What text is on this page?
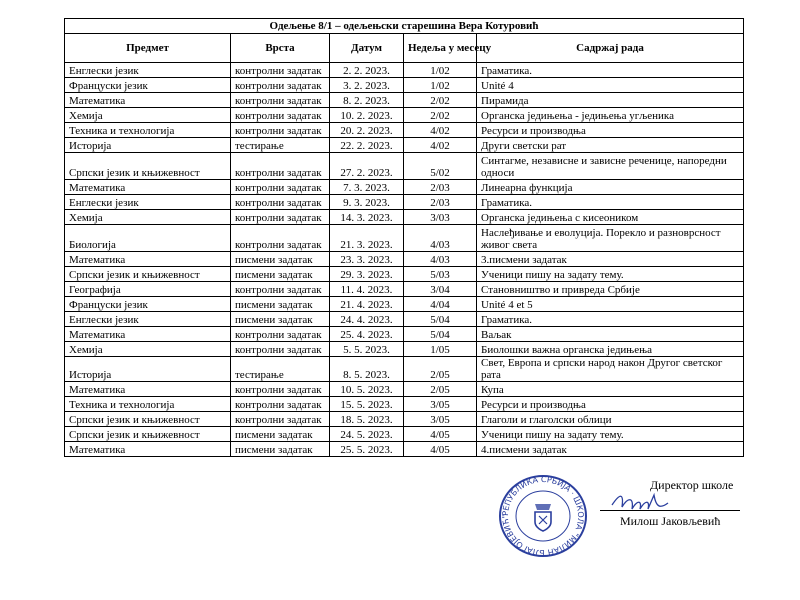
Одељење 8/1 – одељењски старешина Вера Котуровић				
Предмет	Врста	Датум	Недеља у месецу	Садржај рада
Енглески језик	контролни задатак	2. 2. 2023.	1/02	Граматика.
Француски језик	контролни задатак	3. 2. 2023.	1/02	Unité 4
Математика	контролни задатак	8. 2. 2023.	2/02	Пирамида
Хемија	контролни задатак	10. 2. 2023.	2/02	Органска једињења - једињења угљеника
Техника и технологија	контролни задатак	20. 2. 2023.	4/02	Ресурси и производња
Историја	тестирање	22. 2. 2023.	4/02	Други светски рат
Српски језик и књижевност	контролни задатак	27. 2. 2023.	5/02	Синтагме, независне и зависне реченице, напоредни односи
Математика	контролни задатак	7. 3. 2023.	2/03	Линеарна функција
Енглески језик	контролни задатак	9. 3. 2023.	2/03	Граматика.
Хемија	контролни задатак	14. 3. 2023.	3/03	Органска једињења с кисеоником
Биологија	контролни задатак	21. 3. 2023.	4/03	Наслеђивање и еволуција. Порекло и разноврсност живог света
Математика	писмени задатак	23. 3. 2023.	4/03	3.писмени задатак
Српски језик и књижевност	писмени задатак	29. 3. 2023.	5/03	Ученици пишу на задату тему.
Географија	контролни задатак	11. 4. 2023.	3/04	Становништво и привреда Србије
Француски језик	писмени задатак	21. 4. 2023.	4/04	Unité 4 et 5
Енглески језик	писмени задатак	24. 4. 2023.	5/04	Граматика.
Математика	контролни задатак	25. 4. 2023.	5/04	Ваљак
Хемија	контролни задатак	5. 5. 2023.	1/05	Биолошки важна органска једињења
Историја	тестирање	8. 5. 2023.	2/05	Свет, Европа и српски народ након Другог светског рата
Математика	контролни задатак	10. 5. 2023.	2/05	Купа
Техника и технологија	контролни задатак	15. 5. 2023.	3/05	Ресурси и производња
Српски језик и књижевност	контролни задатак	18. 5. 2023.	3/05	Глаголи и глаголски облици
Српски језик и књижевност	писмени задатак	24. 5. 2023.	4/05	Ученици пишу на задату тему.
Математика	писмени задатак	25. 5. 2023.	4/05	4.писмени задатак
Директор школе
Милош Јаковљевић
РЕПУБЛИКА СРБИЈА · ШКОЛА "МИЛАН БЛАГОЈЕВИЋ"
